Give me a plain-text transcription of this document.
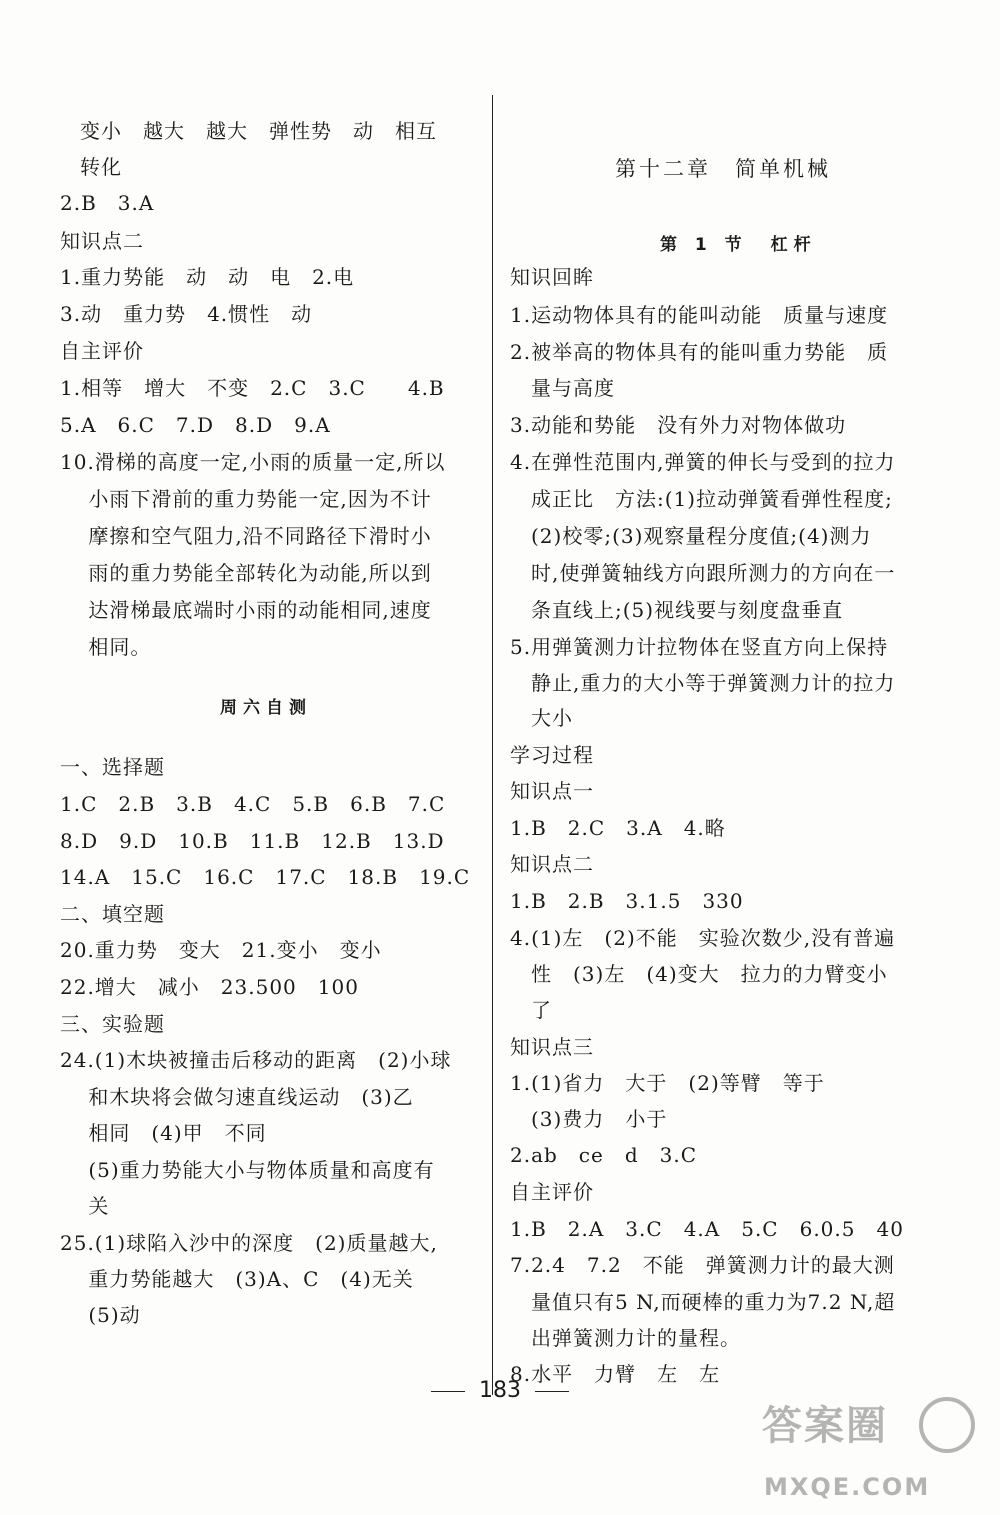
变小　越大　越大　弹性势　动　相互
转化
2.B　3.A
知识点二
1.重力势能　动　动　电　2.电
3.动　重力势　4.惯性　动
自主评价
1.相等　增大　不变　2.C　3.C　　4.B
5.A　6.C　7.D　8.D　9.A
10.滑梯的高度一定,小雨的质量一定,所以
　 小雨下滑前的重力势能一定,因为不计
　 摩擦和空气阻力,沿不同路径下滑时小
　 雨的重力势能全部转化为动能,所以到
　 达滑梯最底端时小雨的动能相同,速度
　 相同。
周六自测
一、选择题
1.C　2.B　3.B　4.C　5.B　6.B　7.C
8.D　9.D　10.B　11.B　12.B　13.D
14.A　15.C　16.C　17.C　18.B　19.C
二、填空题
20.重力势　变大　21.变小　变小
22.增大　减小　23.500　100
三、实验题
24.(1)木块被撞击后移动的距离　(2)小球
　 和木块将会做匀速直线运动　(3)乙
　 相同　(4)甲　不同
　 (5)重力势能大小与物体质量和高度有
　 关
25.(1)球陷入沙中的深度　(2)质量越大,
　 重力势能越大　(3)A、C　(4)无关
　 (5)动
第十二章　简单机械
第 1 节　杠杆
知识回眸
1.运动物体具有的能叫动能　质量与速度
2.被举高的物体具有的能叫重力势能　质
　量与高度
3.动能和势能　没有外力对物体做功
4.在弹性范围内,弹簧的伸长与受到的拉力
　成正比　方法:(1)拉动弹簧看弹性程度;
　(2)校零;(3)观察量程分度值;(4)测力
　时,使弹簧轴线方向跟所测力的方向在一
　条直线上;(5)视线要与刻度盘垂直
5.用弹簧测力计拉物体在竖直方向上保持
　静止,重力的大小等于弹簧测力计的拉力
　大小
学习过程
知识点一
1.B　2.C　3.A　4.略
知识点二
1.B　2.B　3.1.5　330
4.(1)左　(2)不能　实验次数少,没有普遍
　性　(3)左　(4)变大　拉力的力臂变小
　了
知识点三
1.(1)省力　大于　(2)等臂　等于
　(3)费力　小于
2.ab　ce　d　3.C
自主评价
1.B　2.A　3.C　4.A　5.C　6.0.5　40
7.2.4　7.2　不能　弹簧测力计的最大测
　量值只有5 N,而硬棒的重力为7.2 N,超
　出弹簧测力计的量程。
8.水平　力臂　左　左
183
答案圈
MXQE.COM
